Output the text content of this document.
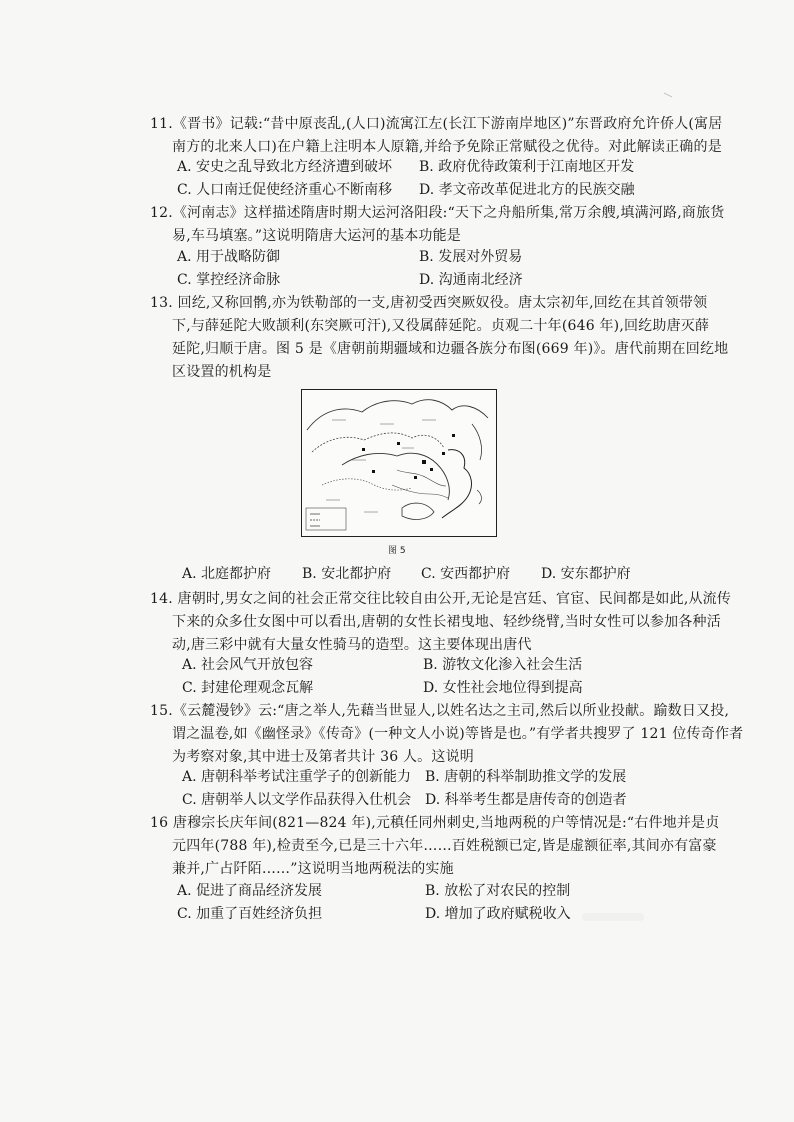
11.《晋书》记载:“昔中原丧乱,(人口)流寓江左(长江下游南岸地区)”东晋政府允许侨人(寓居
南方的北来人口)在户籍上注明本人原籍,并给予免除正常赋役之优待。对此解读正确的是
A. 安史之乱导致北方经济遭到破坏 B. 政府优待政策利于江南地区开发
C. 人口南迁促使经济重心不断南移 D. 孝文帝改革促进北方的民族交融
12.《河南志》这样描述隋唐时期大运河洛阳段:“天下之舟船所集,常万余艘,填满河路,商旅货
易,车马填塞。”这说明隋唐大运河的基本功能是
A. 用于战略防御	B. 发展对外贸易
C. 掌控经济命脉	D. 沟通南北经济
13. 回纥,又称回鹘,亦为铁勒部的一支,唐初受西突厥奴役。唐太宗初年,回纥在其首领带领
下,与薛延陀大败颉利(东突厥可汗),又役属薛延陀。贞观二十年(646 年),回纥助唐灭薛
延陀,归顺于唐。图 5 是《唐朝前期疆域和边疆各族分布图(669 年)》。唐代前期在回纥地
区设置的机构是
图 5
A. 北庭都护府 B. 安北都护府 C. 安西都护府 D. 安东都护府
14. 唐朝时,男女之间的社会正常交往比较自由公开,无论是宫廷、官宦、民间都是如此,从流传
下来的众多仕女图中可以看出,唐朝的女性长裙曳地、轻纱绕臂,当时女性可以参加各种活
动,唐三彩中就有大量女性骑马的造型。这主要体现出唐代
A. 社会风气开放包容	B. 游牧文化渗入社会生活
C. 封建伦理观念瓦解	D. 女性社会地位得到提高
15.《云麓漫钞》云:“唐之举人,先藉当世显人,以姓名达之主司,然后以所业投献。踰数日又投,
谓之温卷,如《幽怪录》《传奇》(一种文人小说)等皆是也。”有学者共搜罗了 121 位传奇作者
为考察对象,其中进士及第者共计 36 人。这说明
A. 唐朝科举考试注重学子的创新能力 B. 唐朝的科举制助推文学的发展
C. 唐朝举人以文学作品获得入仕机会 D. 科举考生都是唐传奇的创造者
16 唐穆宗长庆年间(821—824 年),元稹任同州刺史,当地两税的户等情况是:“右件地并是贞
元四年(788 年),检责至今,已是三十六年……百姓税额已定,皆是虚额征率,其间亦有富豪
兼并,广占阡陌……”这说明当地两税法的实施
A. 促进了商品经济发展	B. 放松了对农民的控制
C. 加重了百姓经济负担	D. 增加了政府赋税收入
